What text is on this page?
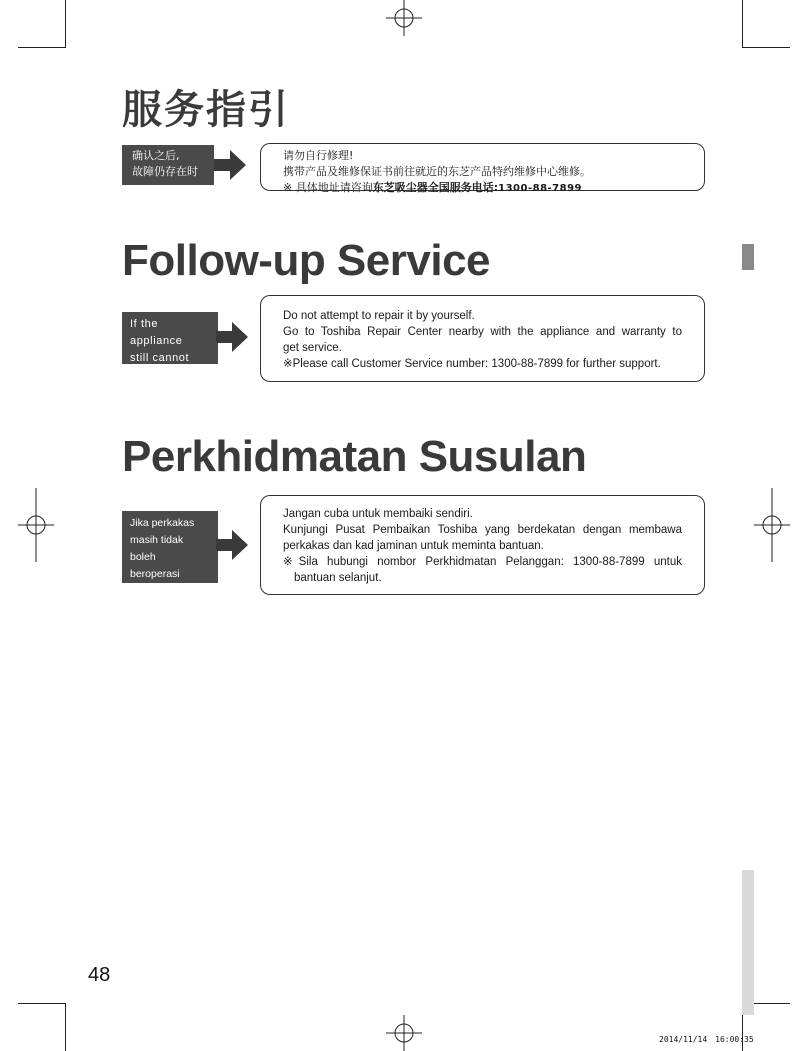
服务指引
确认之后,
故障仍存在时
请勿自行修理!
携带产品及维修保证书前往就近的东芝产品特约维修中心维修。
※ 具体地址请咨询东芝吸尘器全国服务电话:1300-88-7899
Follow-up Service
If the appliance
still cannot work
after check
Do not attempt to repair it by yourself.
Go to Toshiba Repair Center nearby with the appliance and warranty to
get service.
※Please call Customer Service number: 1300-88-7899 for further support.
Perkhidmatan Susulan
Jika perkakas
masih tidak boleh
beroperasi selepas
pemeriksaan
Jangan cuba untuk membaiki sendiri.
Kunjungi Pusat Pembaikan Toshiba yang berdekatan dengan membawa
perkakas dan kad jaminan untuk meminta bantuan.
※Sila hubungi nombor Perkhidmatan Pelanggan: 1300-88-7899 untuk
bantuan selanjut.
48
2014/11/14　16:00:35
